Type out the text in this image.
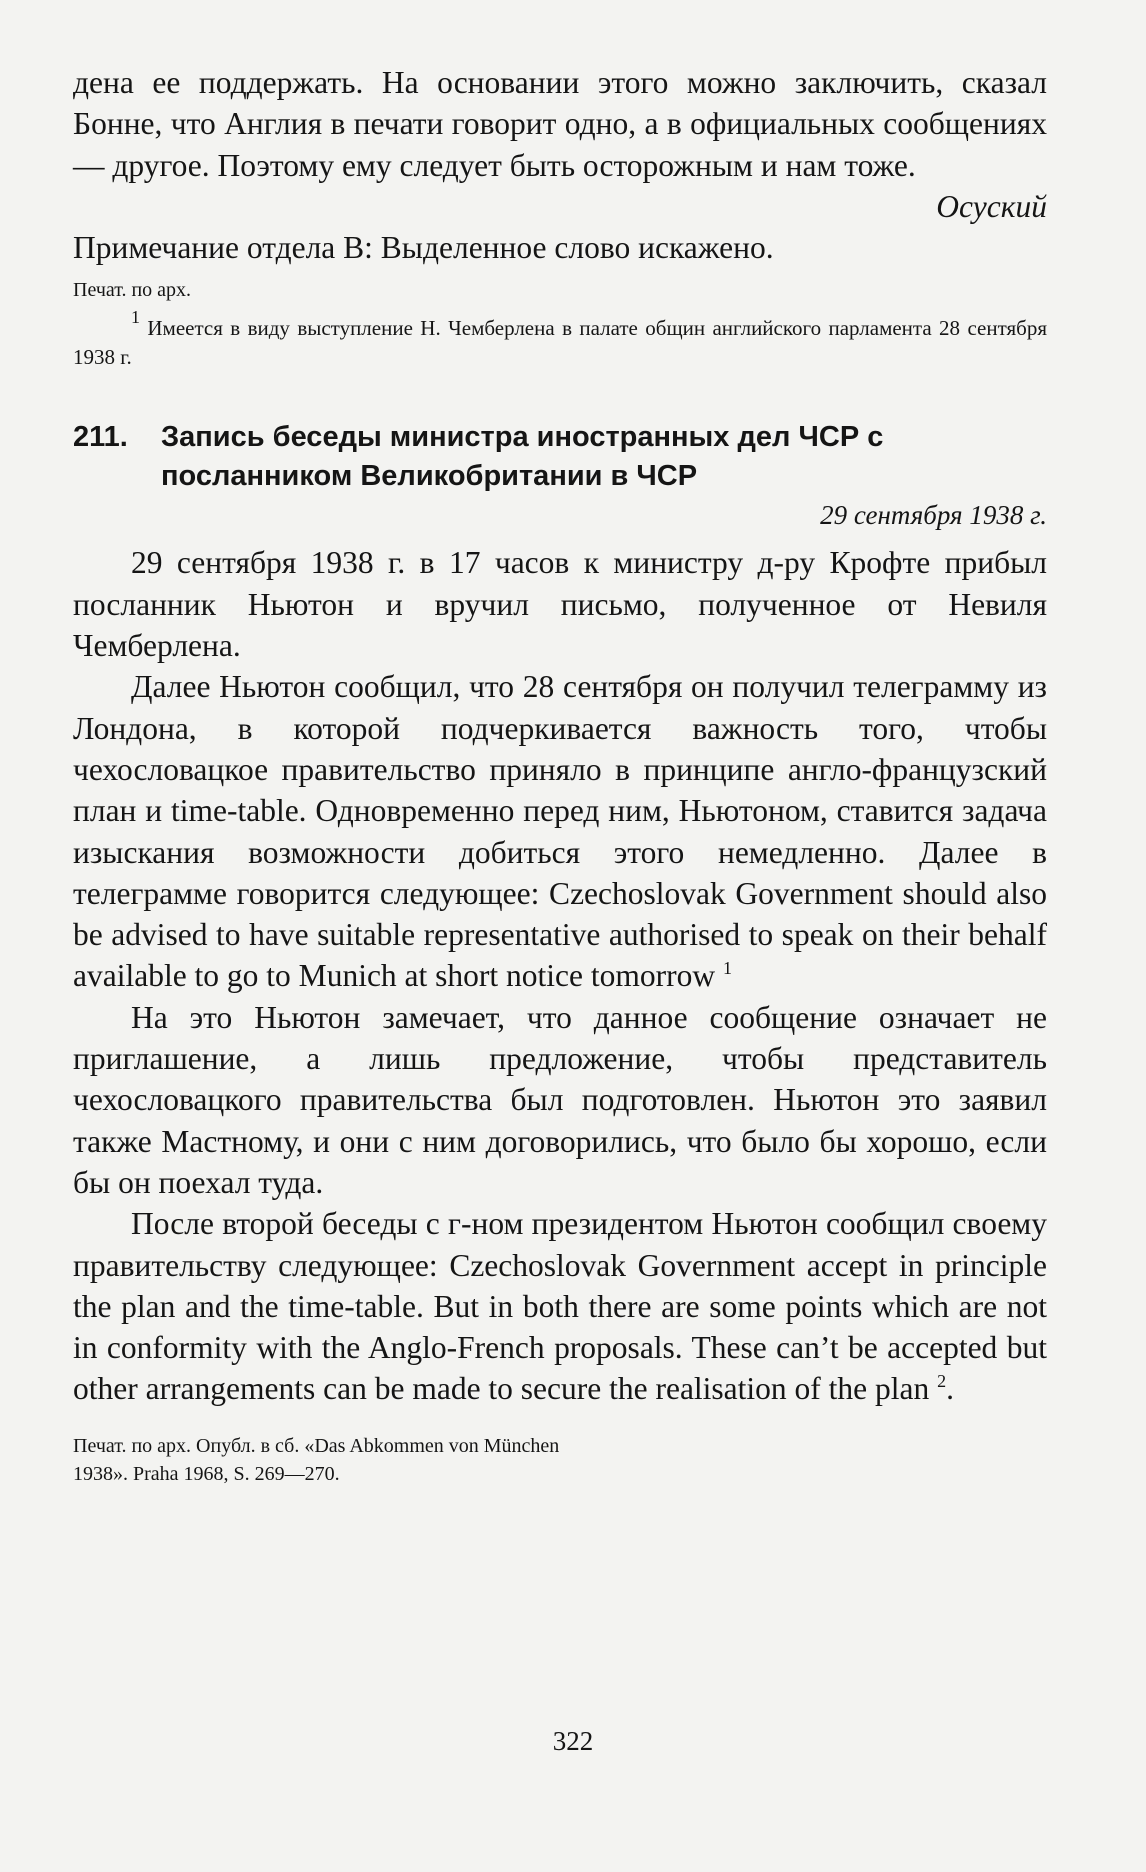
дена ее поддержать. На основании этого можно заключить, сказал Бонне, что Англия в печати говорит одно, а в официальных сообщениях — другое. Поэтому ему следует быть осторожным и нам тоже.

Осуский

Примечание отдела В: Выделенное слово искажено.

Печат. по арх.

$^1$ Имеется в виду выступление Н. Чемберлена в палате общин английского парламента 28 сентября 1938 г.

211.	Запись беседы министра иностранных дел ЧСР с посланником Великобритании в ЧСР

29 сентября 1938 г.

29 сентября 1938 г. в 17 часов к министру д-ру Крофте прибыл посланник Ньютон и вручил письмо, полученное от Невиля Чемберлена.

Далее Ньютон сообщил, что 28 сентября он получил телеграмму из Лондона, в которой подчеркивается важность того, чтобы чехословацкое правительство приняло в принципе англо-французский план и time-table. Одновременно перед ним, Ньютоном, ставится задача изыскания возможности добиться этого немедленно. Далее в телеграмме говорится следующее: Czechoslovak Government should also be advised to have suitable representative authorised to speak on their behalf available to go to Munich at short notice tomorrow $^1$

На это Ньютон замечает, что данное сообщение означает не приглашение, а лишь предложение, чтобы представитель чехословацкого правительства был подготовлен. Ньютон это заявил также Мастному, и они с ним договорились, что было бы хорошо, если бы он поехал туда.

После второй беседы с г-ном президентом Ньютон сообщил своему правительству следующее: Czechoslovak Government accept in principle the plan and the time-table. But in both there are some points which are not in conformity with the Anglo-French proposals. These can’t be accepted but other arrangements can be made to secure the realisation of the plan $^2$.

Печат. по арх. Опубл. в сб. «Das Abkommen von München 1938». Praha 1968, S. 269—270.

322
